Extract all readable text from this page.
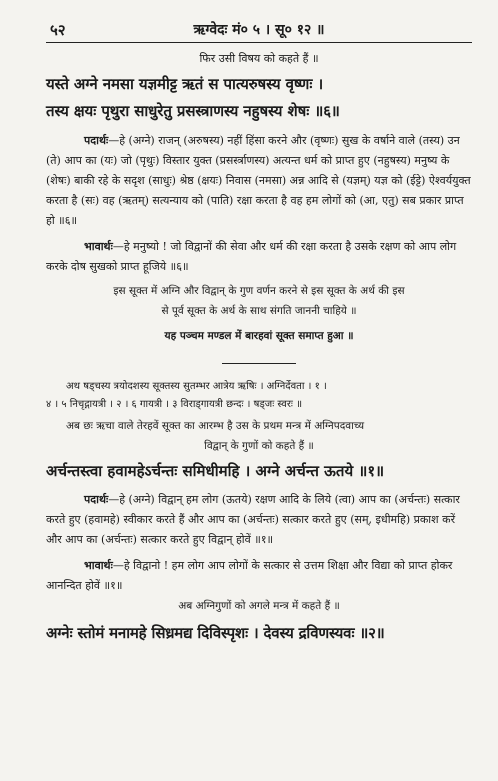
५२	ऋग्वेदः मं० ५ । सू० १२ ॥

फिर उसी विषय को कहते हैं ॥

यस्ते अग्ने नमसा यज्ञमीट्ट ऋतं स पात्यरुषस्य वृष्णः ।

तस्य क्षयः पृथुरा साधुरेतु प्रसस्त्राणस्य नहुषस्य शेषः ॥६॥

पदार्थः—हे (अग्ने) राजन् (अरुषस्य) नहीं हिंसा करने और (वृष्णः) सुख के वर्षाने वाले (तस्य) उन (ते) आप का (यः) जो (पृथुः) विस्तार युक्त (प्रसर्स्त्राणस्य) अत्यन्त धर्म को प्राप्त हुए (नहुषस्य) मनुष्य के (शेषः) बाकी रहे के सदृश (साधुः) श्रेष्ठ (क्षयः) निवास (नमसा) अन्न आदि से (यज्ञम्) यज्ञ को (ईट्टे) ऐश्वर्ययुक्त करता है (सः) वह (ऋतम्) सत्यन्याय को (पाति) रक्षा करता है वह हम लोगों को (आ, एतु) सब प्रकार प्राप्त हो ॥६॥

भावार्थः—हे मनुष्यो ! जो विद्वानों की सेवा और धर्म की रक्षा करता है उसके रक्षण को आप लोग करके दोष सुखको प्राप्त हूजिये ॥६॥

इस सूक्त में अग्नि और विद्वान् के गुण वर्णन करने से इस सूक्त के अर्थ की इस

से पूर्व सूक्त के अर्थ के साथ संगति जाननी चाहिये ॥

यह पञ्चम मण्डल में बारहवां सूक्त समाप्त हुआ ॥

अथ षड्चस्य त्रयोदशस्य सूक्तस्य सुतम्भर आत्रेय ऋषिः । अग्निर्देवता । १ ।

४ । ५ निचृद्गायत्री । २ । ६ गायत्री । ३ विराड्गायत्री छन्दः । षड्जः स्वरः ॥

अब छः ऋचा वाले तेरहवें सूक्त का आरम्भ है उस के प्रथम मन्त्र में अग्निपदवाच्य

विद्वान् के गुणों को कहते हैं ॥

अर्चन्तस्त्वा हवामहेऽर्चन्तः समिधीमहि । अग्ने अर्चन्त ऊतये ॥१॥

पदार्थः—हे (अग्ने) विद्वान् हम लोग (ऊतये) रक्षण आदि के लिये (त्वा) आप का (अर्चन्तः) सत्कार करते हुए (हवामहे) स्वीकार करते हैं और आप का (अर्चन्तः) सत्कार करते हुए (सम्, इधीमहि) प्रकाश करें और आप का (अर्चन्तः) सत्कार करते हुए विद्वान् होवें ॥१॥

भावार्थः—हे विद्वानो ! हम लोग आप लोगों के सत्कार से उत्तम शिक्षा और विद्या को प्राप्त होकर आनन्दित होवें ॥१॥

अब अग्निगुणों को अगले मन्त्र में कहते हैं ॥

अग्नेः स्तोमं मनामहे सिध्रमद्य दिविस्पृशः । देवस्य द्रविणस्यवः ॥२॥
